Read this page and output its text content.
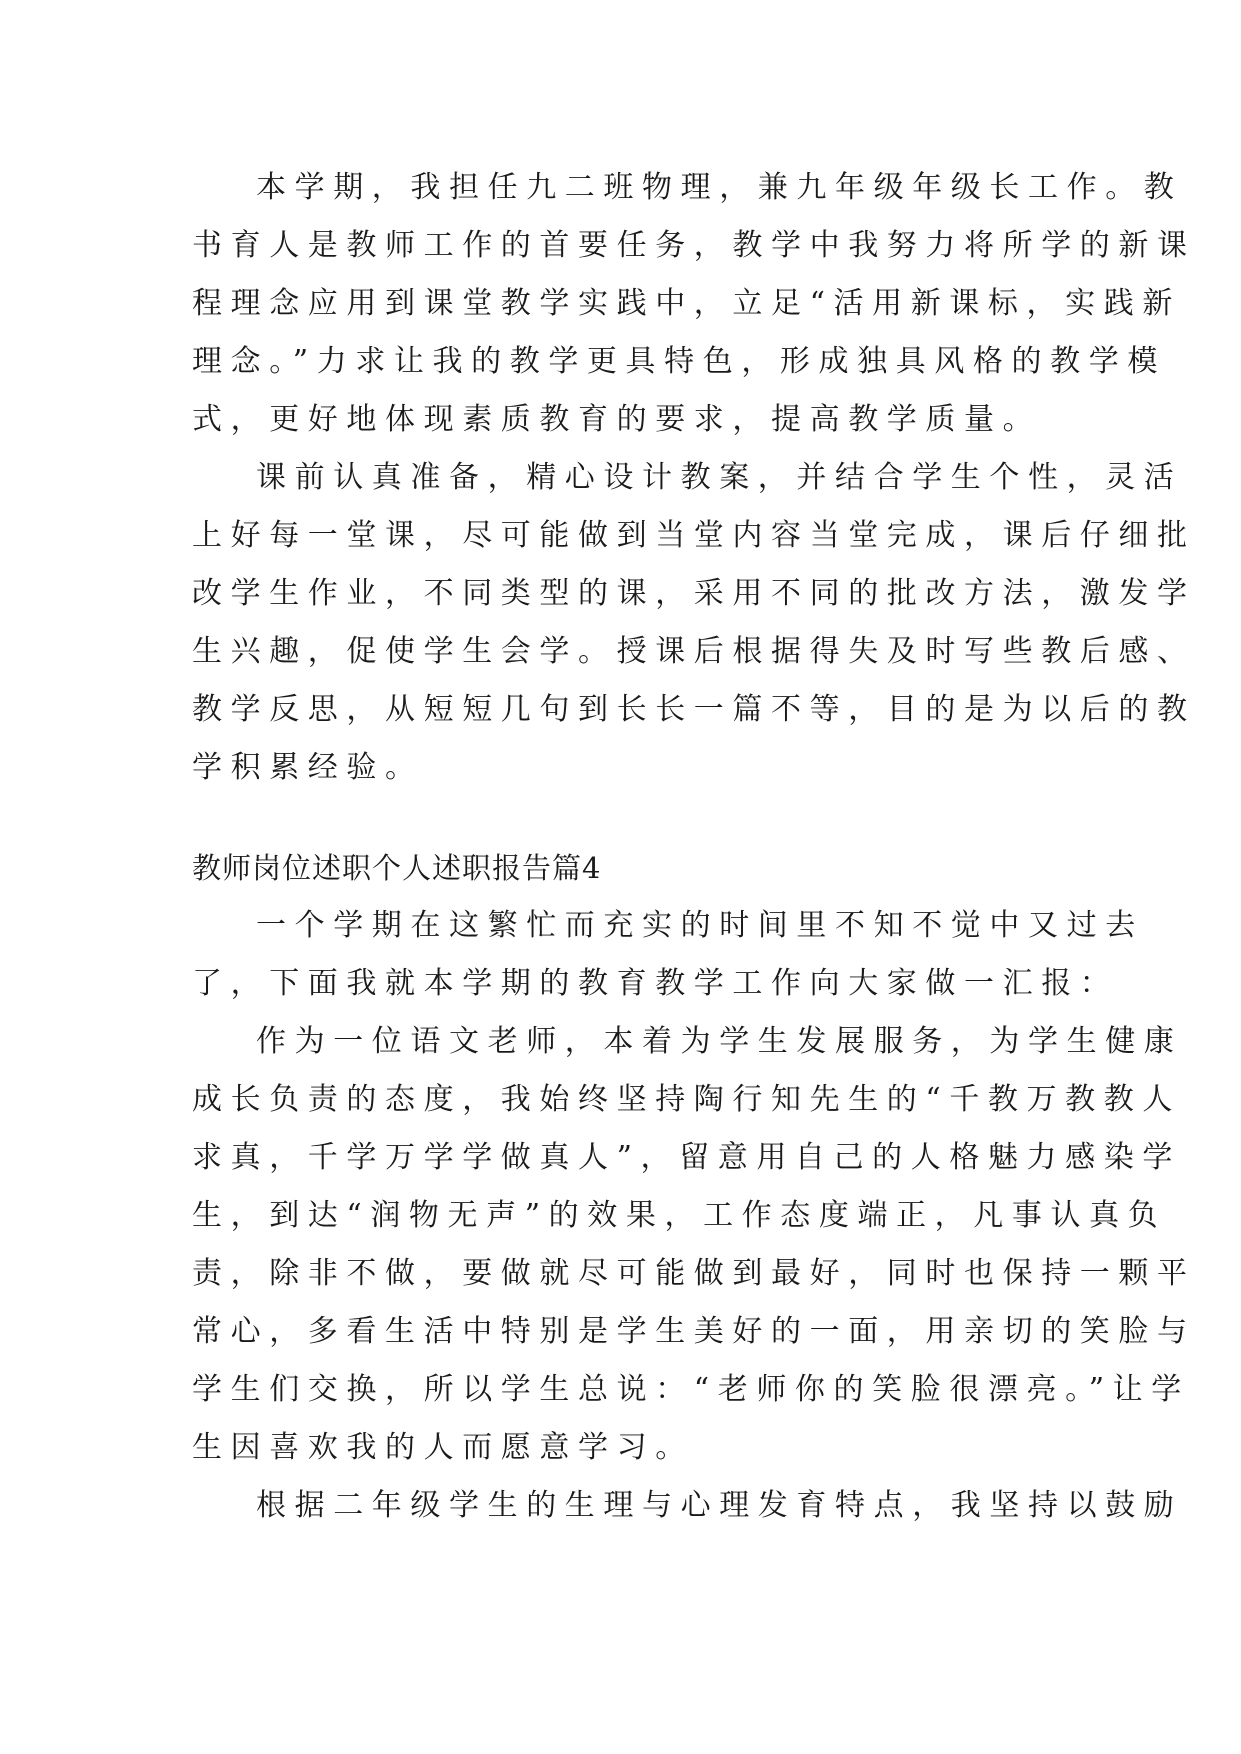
本学期，我担任九二班物理，兼九年级年级长工作。教
书育人是教师工作的首要任务，教学中我努力将所学的新课
程理念应用到课堂教学实践中，立足“活用新课标，实践新
理念。”力求让我的教学更具特色，形成独具风格的教学模
式，更好地体现素质教育的要求，提高教学质量。
课前认真准备，精心设计教案，并结合学生个性，灵活
上好每一堂课，尽可能做到当堂内容当堂完成，课后仔细批
改学生作业，不同类型的课，采用不同的批改方法，激发学
生兴趣，促使学生会学。授课后根据得失及时写些教后感、
教学反思，从短短几句到长长一篇不等，目的是为以后的教
学积累经验。
教师岗位述职个人述职报告篇4
一个学期在这繁忙而充实的时间里不知不觉中又过去
了，下面我就本学期的教育教学工作向大家做一汇报：
作为一位语文老师，本着为学生发展服务，为学生健康
成长负责的态度，我始终坚持陶行知先生的“千教万教教人
求真，千学万学学做真人”，留意用自己的人格魅力感染学
生，到达“润物无声”的效果，工作态度端正，凡事认真负
责，除非不做，要做就尽可能做到最好，同时也保持一颗平
常心，多看生活中特别是学生美好的一面，用亲切的笑脸与
学生们交换，所以学生总说：“老师你的笑脸很漂亮。”让学
生因喜欢我的人而愿意学习。
根据二年级学生的生理与心理发育特点，我坚持以鼓励
